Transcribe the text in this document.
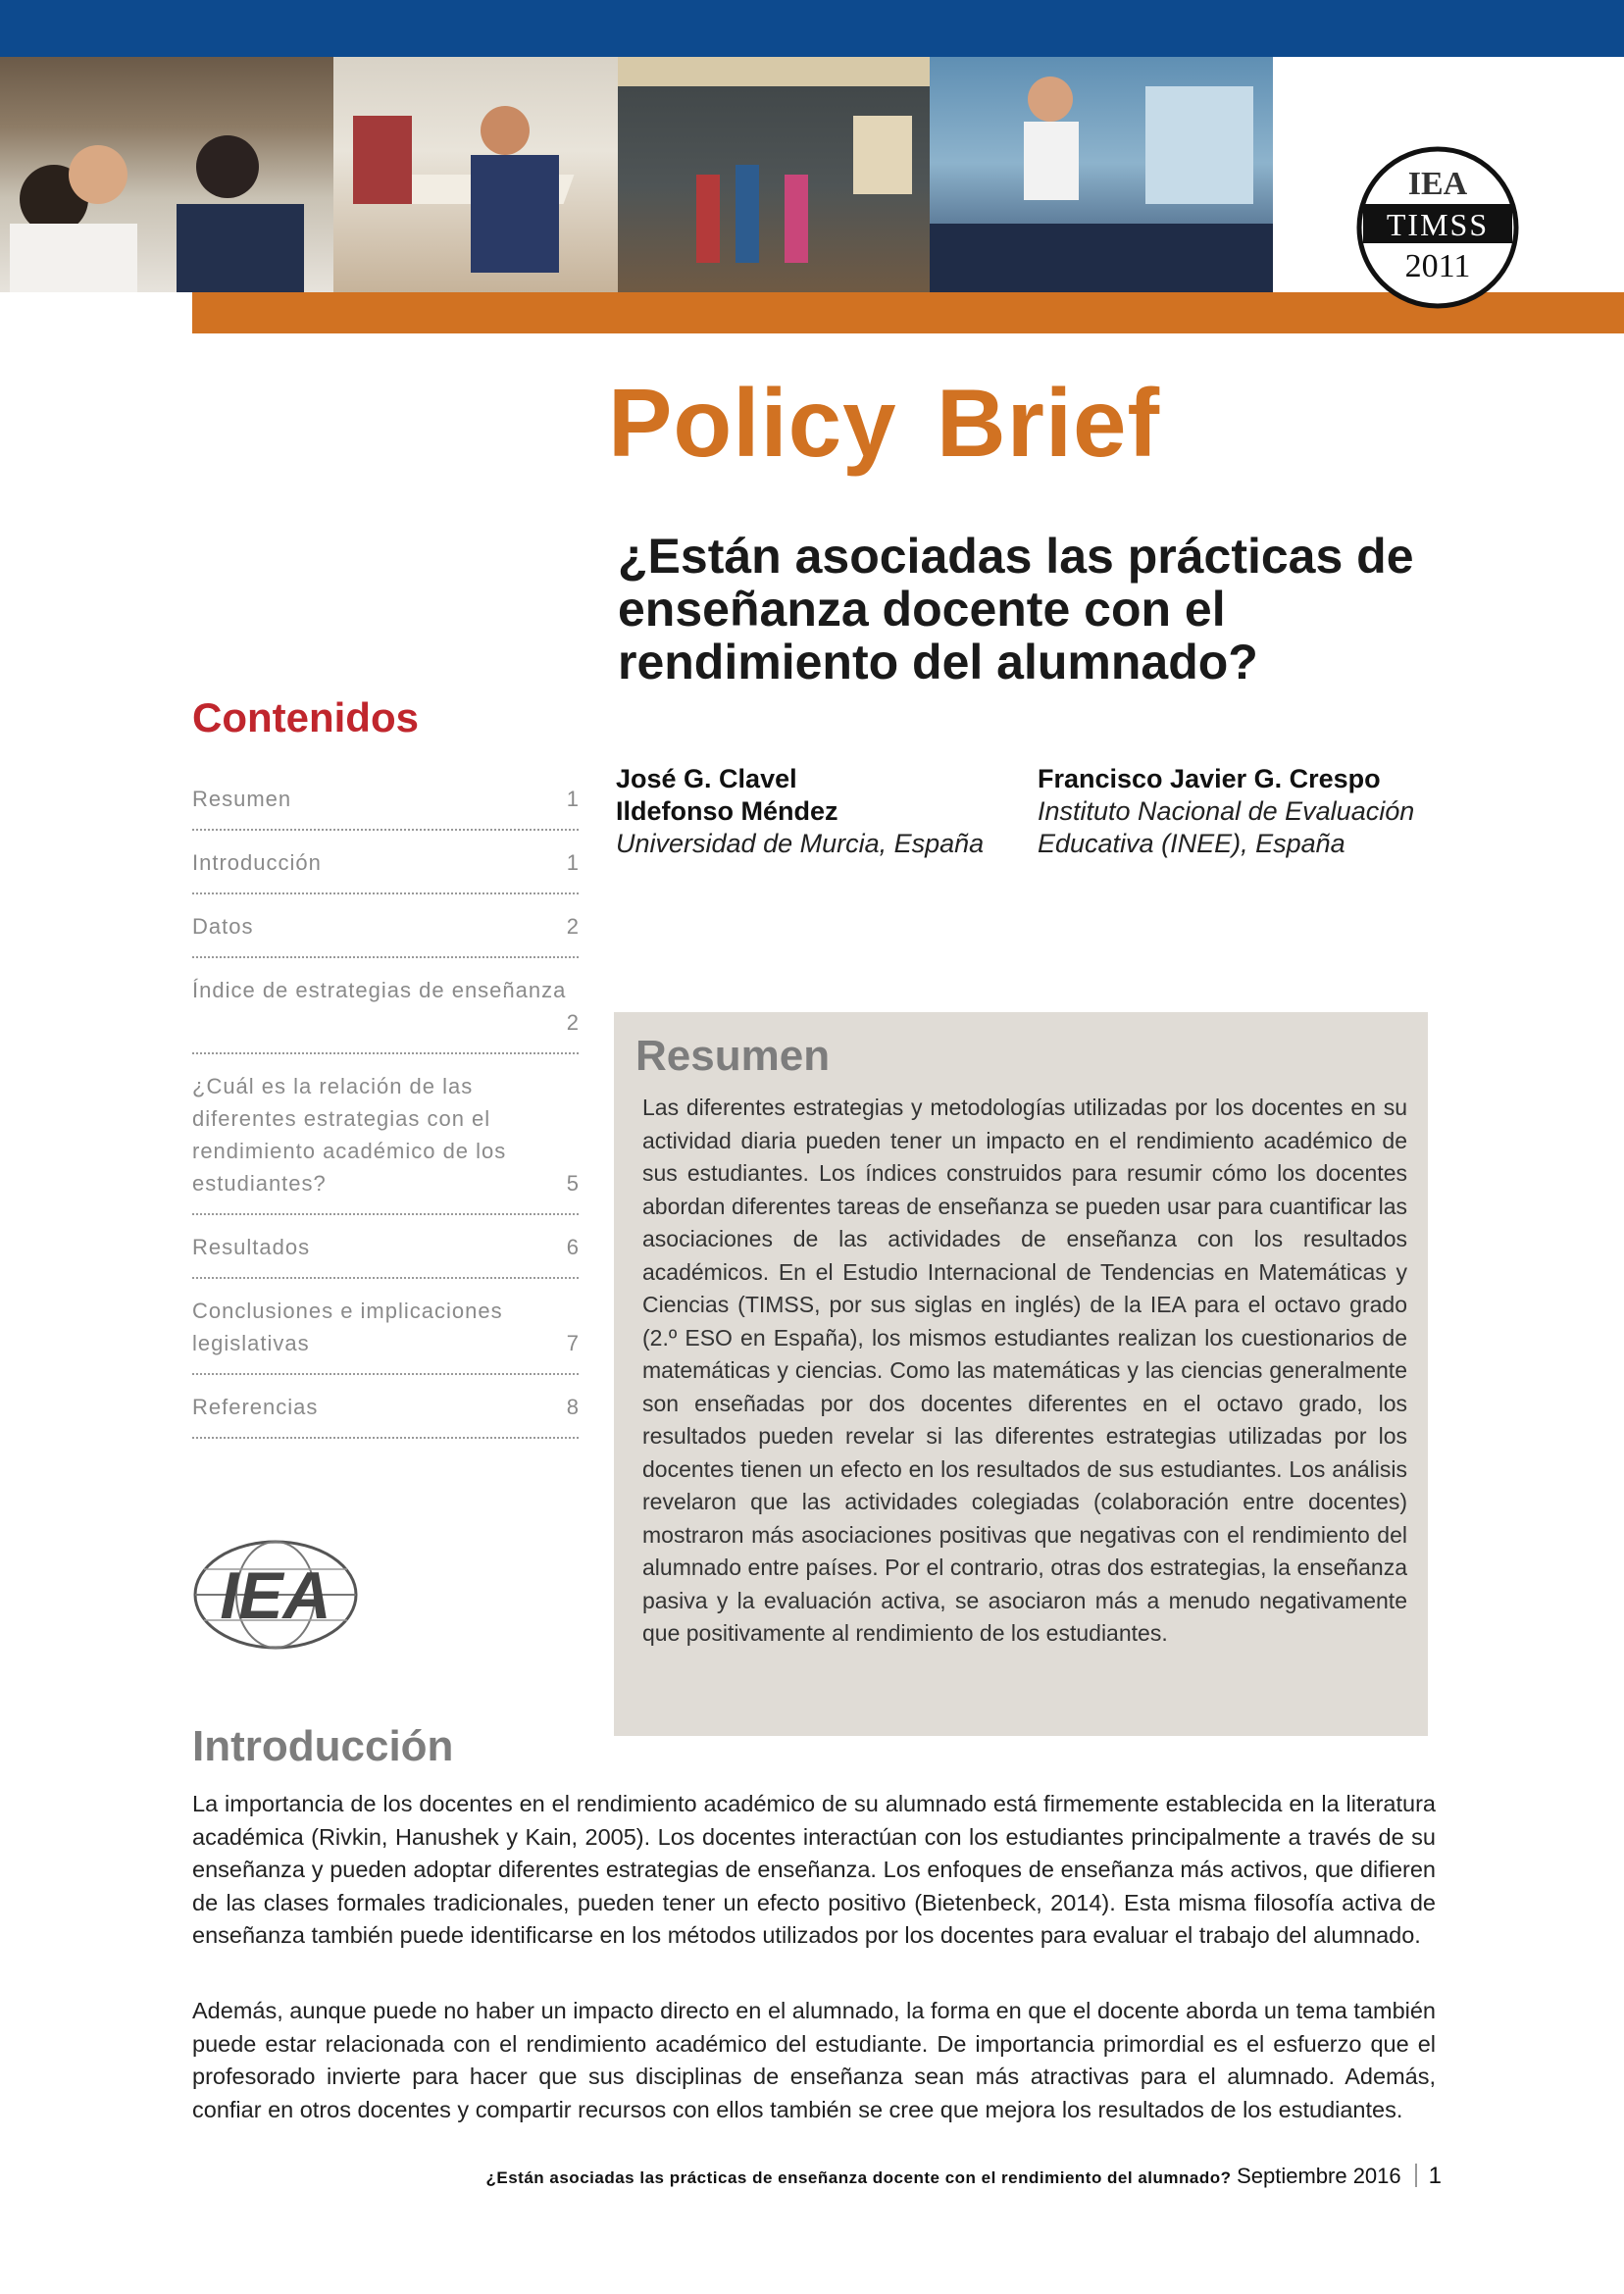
IEA
TIMSS
2011
Policy Brief
¿Están asociadas las prácticas de enseñanza docente con el rendimiento del alumnado?
Contenidos
Resumen	1
Introducción	1
Datos	2
Índice de estrategias de enseñanza
2
¿Cuál es la relación de las diferentes estrategias con el rendimiento académico de los estudiantes?	5
Resultados	6
Conclusiones e implicaciones legislativas	7
Referencias	8
IEA
José G. Clavel
Ildefonso Méndez
Universidad de Murcia, España
Francisco Javier G. Crespo
Instituto Nacional de Evaluación Educativa (INEE), España
Resumen

Las diferentes estrategias y metodologías utilizadas por los docentes en su actividad diaria pueden tener un impacto en el rendimiento académico de sus estudiantes. Los índices construidos para resumir cómo los docentes abordan diferentes tareas de enseñanza se pueden usar para cuantificar las asociaciones de las actividades de enseñanza con los resultados académicos. En el Estudio Internacional de Tendencias en Matemáticas y Ciencias (TIMSS, por sus siglas en inglés) de la IEA para el octavo grado (2.º ESO en España), los mismos estudiantes realizan los cuestionarios de matemáticas y ciencias. Como las matemáticas y las ciencias generalmente son enseñadas por dos docentes diferentes en el octavo grado, los resultados pueden revelar si las diferentes estrategias utilizadas por los docentes tienen un efecto en los resultados de sus estudiantes. Los análisis revelaron que las actividades colegiadas (colaboración entre docentes) mostraron más asociaciones positivas que negativas con el rendimiento del alumnado entre países. Por el contrario, otras dos estrategias, la enseñanza pasiva y la evaluación activa, se asociaron más a menudo negativamente que positivamente al rendimiento de los estudiantes.

Introducción

La importancia de los docentes en el rendimiento académico de su alumnado está firmemente establecida en la literatura académica (Rivkin, Hanushek y Kain, 2005). Los docentes interactúan con los estudiantes principalmente a través de su enseñanza y pueden adoptar diferentes estrategias de enseñanza. Los enfoques de enseñanza más activos, que difieren de las clases formales tradicionales, pueden tener un efecto positivo (Bietenbeck, 2014). Esta misma filosofía activa de enseñanza también puede identificarse en los métodos utilizados por los docentes para evaluar el trabajo del alumnado.

Además, aunque puede no haber un impacto directo en el alumnado, la forma en que el docente aborda un tema también puede estar relacionada con el rendimiento académico del estudiante. De importancia primordial es el esfuerzo que el profesorado invierte para hacer que sus disciplinas de enseñanza sean más atractivas para el alumnado. Además, confiar en otros docentes y compartir recursos con ellos también se cree que mejora los resultados de los estudiantes.

¿Están asociadas las prácticas de enseñanza docente con el rendimiento del alumnado? Septiembre 2016 1
